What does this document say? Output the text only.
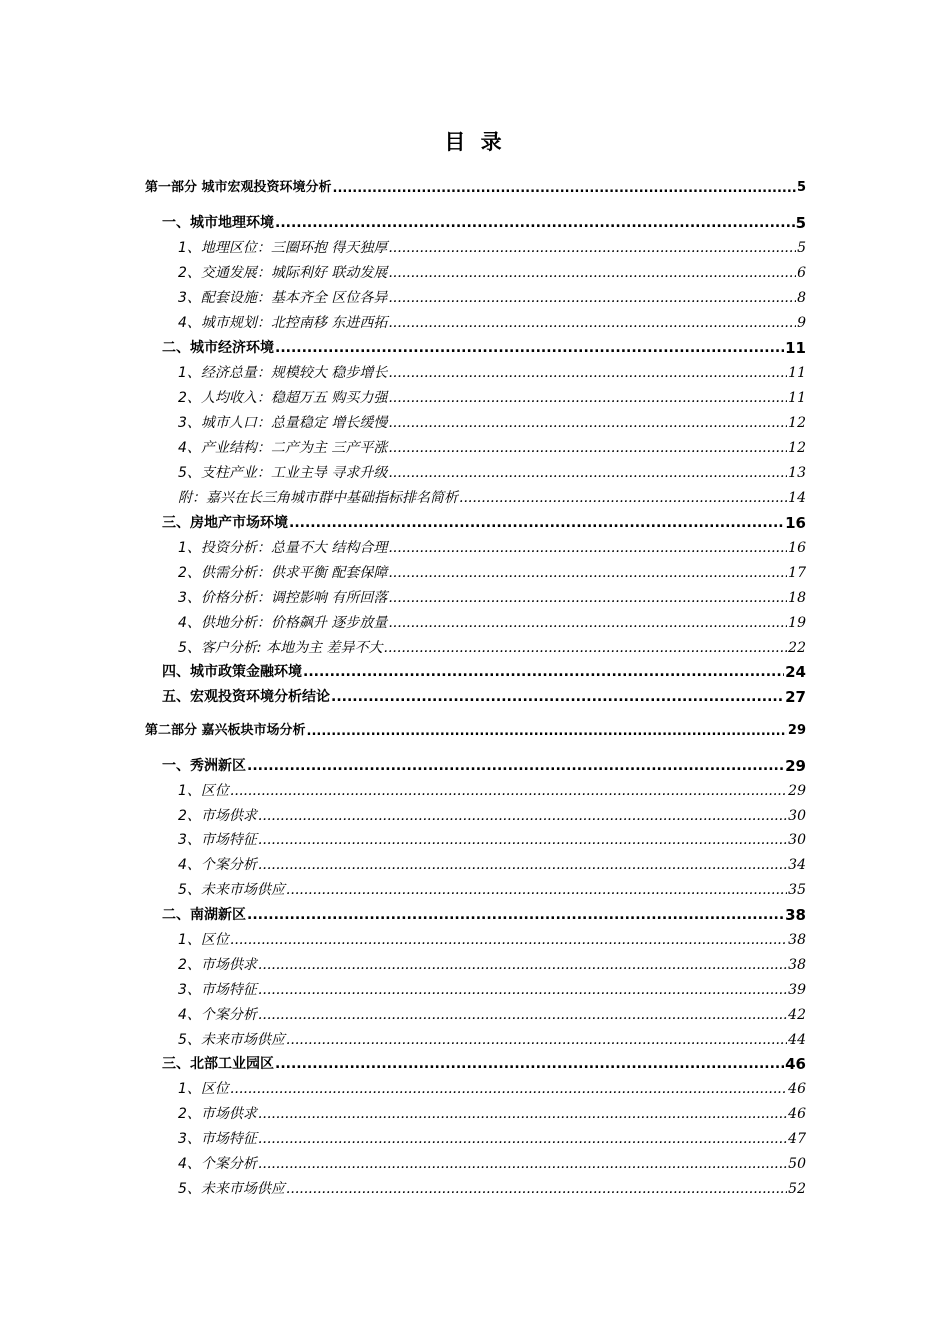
目 录
第一部分 城市宏观投资环境分析 .....	5
一、城市地理环境 .....	5
1、地理区位：三圈环抱 得天独厚 .....	5
2、交通发展：城际利好 联动发展 .....	6
3、配套设施：基本齐全 区位各异 .....	8
4、城市规划：北控南移 东进西拓 .....	9
二、城市经济环境 .....	11
1、经济总量：规模较大 稳步增长 .....	11
2、人均收入：稳超万五 购买力强 .....	11
3、城市人口：总量稳定 增长缓慢 .....	12
4、产业结构：二产为主 三产平涨 .....	12
5、支柱产业：工业主导 寻求升级 .....	13
附：嘉兴在长三角城市群中基础指标排名简析 .....	14
三、房地产市场环境 .....	16
1、投资分析：总量不大 结构合理 .....	16
2、供需分析：供求平衡 配套保障 .....	17
3、价格分析：调控影响 有所回落 .....	18
4、供地分析：价格飙升 逐步放量 .....	19
5、客户分析: 本地为主 差异不大 .....	22
四、城市政策金融环境 .....	24
五、宏观投资环境分析结论 .....	27
第二部分 嘉兴板块市场分析 .....	29
一、秀洲新区 .....	29
1、区位 .....	29
2、市场供求 .....	30
3、市场特征 .....	30
4、个案分析 .....	34
5、未来市场供应 .....	35
二、南湖新区 .....	38
1、区位 .....	38
2、市场供求 .....	38
3、市场特征 .....	39
4、个案分析 .....	42
5、未来市场供应 .....	44
三、北部工业园区 .....	46
1、区位 .....	46
2、市场供求 .....	46
3、市场特征 .....	47
4、个案分析 .....	50
5、未来市场供应 .....	52
